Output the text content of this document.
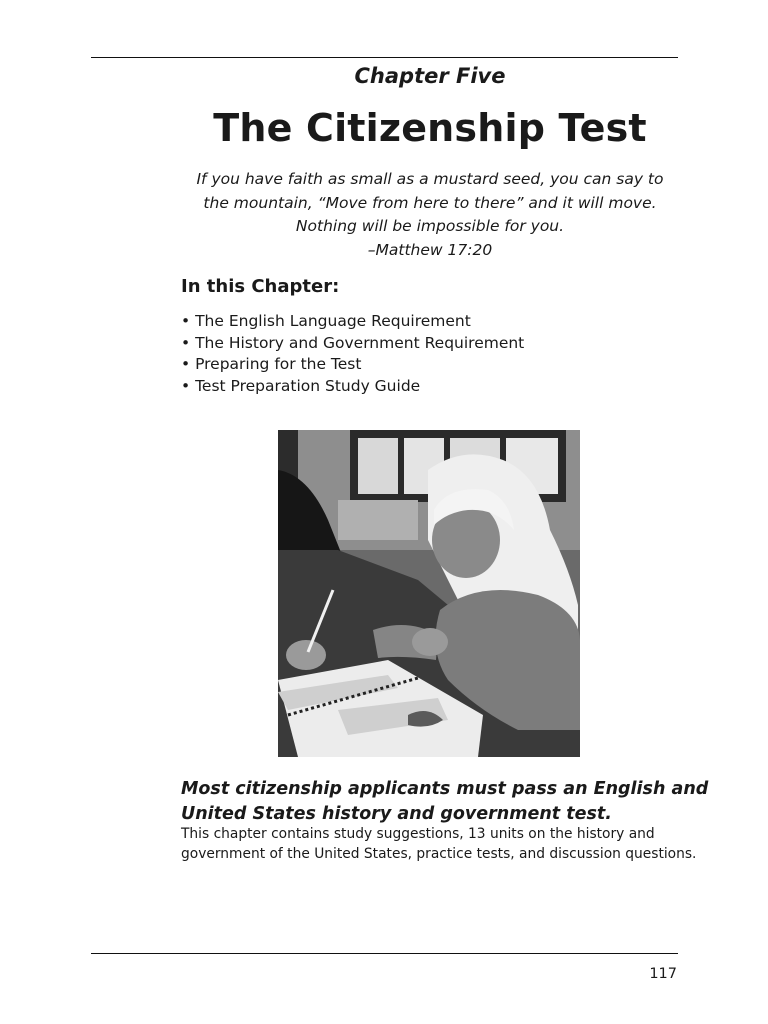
Chapter Five
The Citizenship Test
If you have faith as small as a mustard seed, you can say to
the mountain, “Move from here to there” and it will move.
Nothing will be impossible for you.
–Matthew 17:20
In this Chapter:
• The English Language Requirement
• The History and Government Requirement
• Preparing for the Test
• Test Preparation Study Guide
Most citizenship applicants must pass an English and
United States history and government test.
This chapter contains study suggestions, 13 units on the history and
government of the United States, practice tests, and discussion questions.
117
